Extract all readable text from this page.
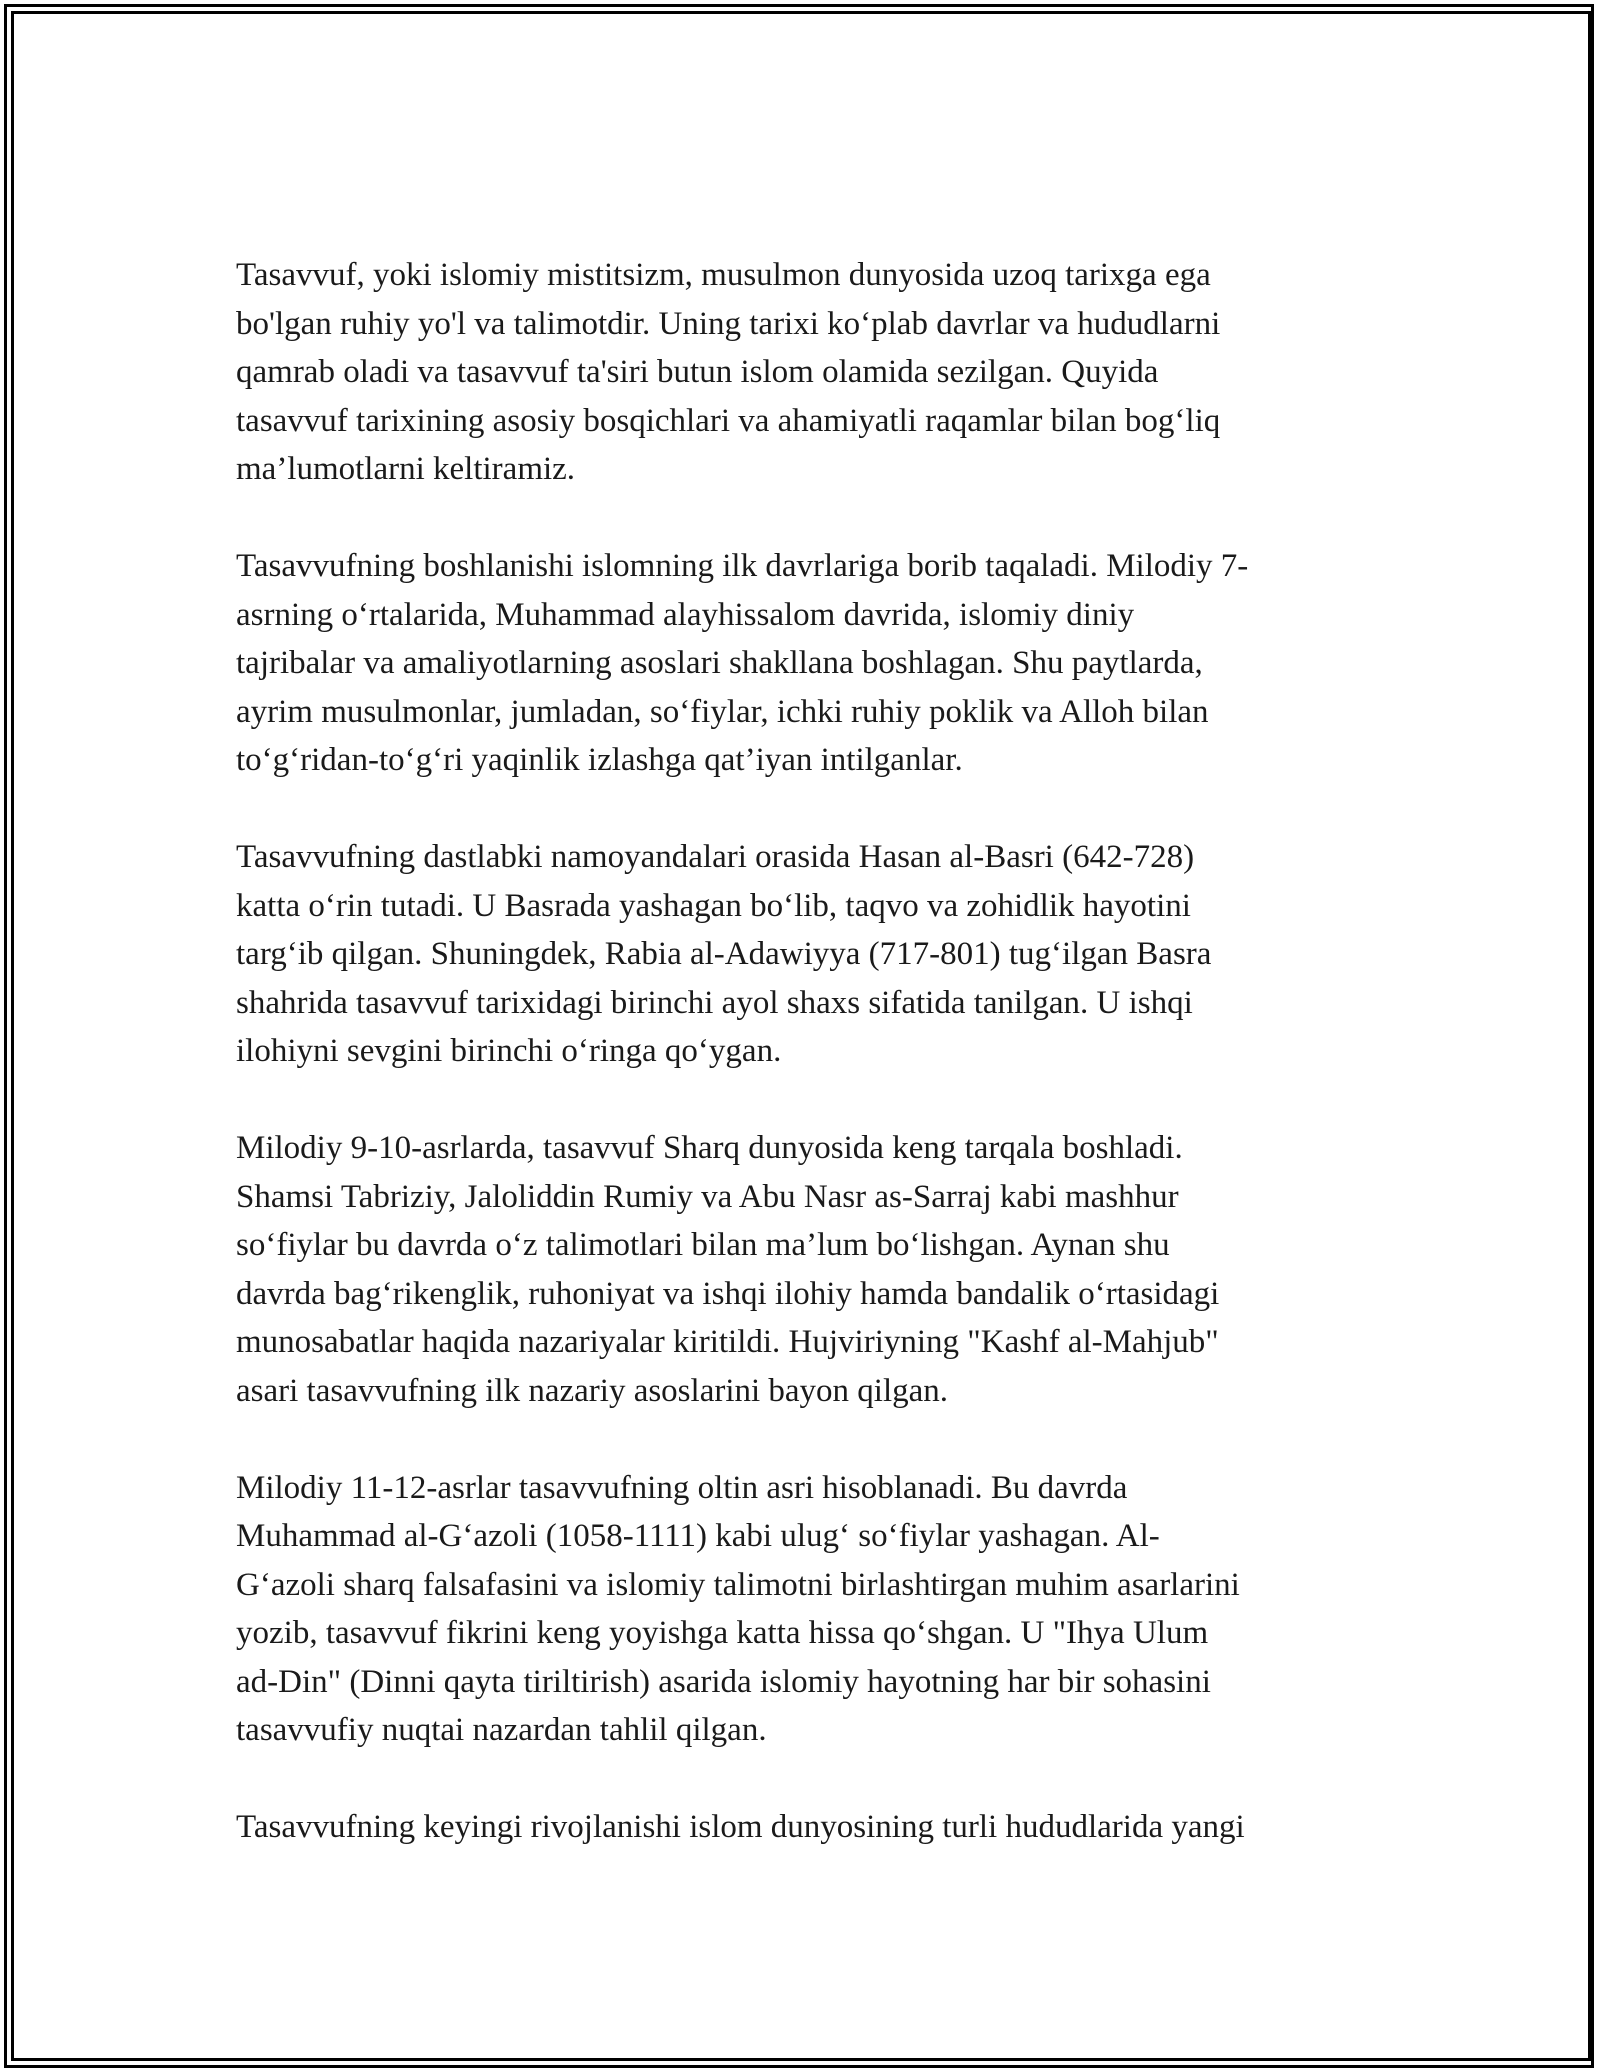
Tasavvuf, yoki islomiy mistitsizm, musulmon dunyosida uzoq tarixga ega
bo'lgan ruhiy yo'l va talimotdir. Uning tarixi ko‘plab davrlar va hududlarni
qamrab oladi va tasavvuf ta'siri butun islom olamida sezilgan. Quyida
tasavvuf tarixining asosiy bosqichlari va ahamiyatli raqamlar bilan bog‘liq
ma’lumotlarni keltiramiz.

Tasavvufning boshlanishi islomning ilk davrlariga borib taqaladi. Milodiy 7-
asrning o‘rtalarida, Muhammad alayhissalom davrida, islomiy diniy
tajribalar va amaliyotlarning asoslari shakllana boshlagan. Shu paytlarda,
ayrim musulmonlar, jumladan, so‘fiylar, ichki ruhiy poklik va Alloh bilan
to‘g‘ridan-to‘g‘ri yaqinlik izlashga qat’iyan intilganlar.

Tasavvufning dastlabki namoyandalari orasida Hasan al-Basri (642-728)
katta o‘rin tutadi. U Basrada yashagan bo‘lib, taqvo va zohidlik hayotini
targ‘ib qilgan. Shuningdek, Rabia al-Adawiyya (717-801) tug‘ilgan Basra
shahrida tasavvuf tarixidagi birinchi ayol shaxs sifatida tanilgan. U ishqi
ilohiyni sevgini birinchi o‘ringa qo‘ygan.

Milodiy 9-10-asrlarda, tasavvuf Sharq dunyosida keng tarqala boshladi.
Shamsi Tabriziy, Jaloliddin Rumiy va Abu Nasr as-Sarraj kabi mashhur
so‘fiylar bu davrda o‘z talimotlari bilan ma’lum bo‘lishgan. Aynan shu
davrda bag‘rikenglik, ruhoniyat va ishqi ilohiy hamda bandalik o‘rtasidagi
munosabatlar haqida nazariyalar kiritildi. Hujviriyning "Kashf al-Mahjub"
asari tasavvufning ilk nazariy asoslarini bayon qilgan.

Milodiy 11-12-asrlar tasavvufning oltin asri hisoblanadi. Bu davrda
Muhammad al-G‘azoli (1058-1111) kabi ulug‘ so‘fiylar yashagan. Al-
G‘azoli sharq falsafasini va islomiy talimotni birlashtirgan muhim asarlarini
yozib, tasavvuf fikrini keng yoyishga katta hissa qo‘shgan. U "Ihya Ulum
ad-Din" (Dinni qayta tiriltirish) asarida islomiy hayotning har bir sohasini
tasavvufiy nuqtai nazardan tahlil qilgan.

Tasavvufning keyingi rivojlanishi islom dunyosining turli hududlarida yangi
